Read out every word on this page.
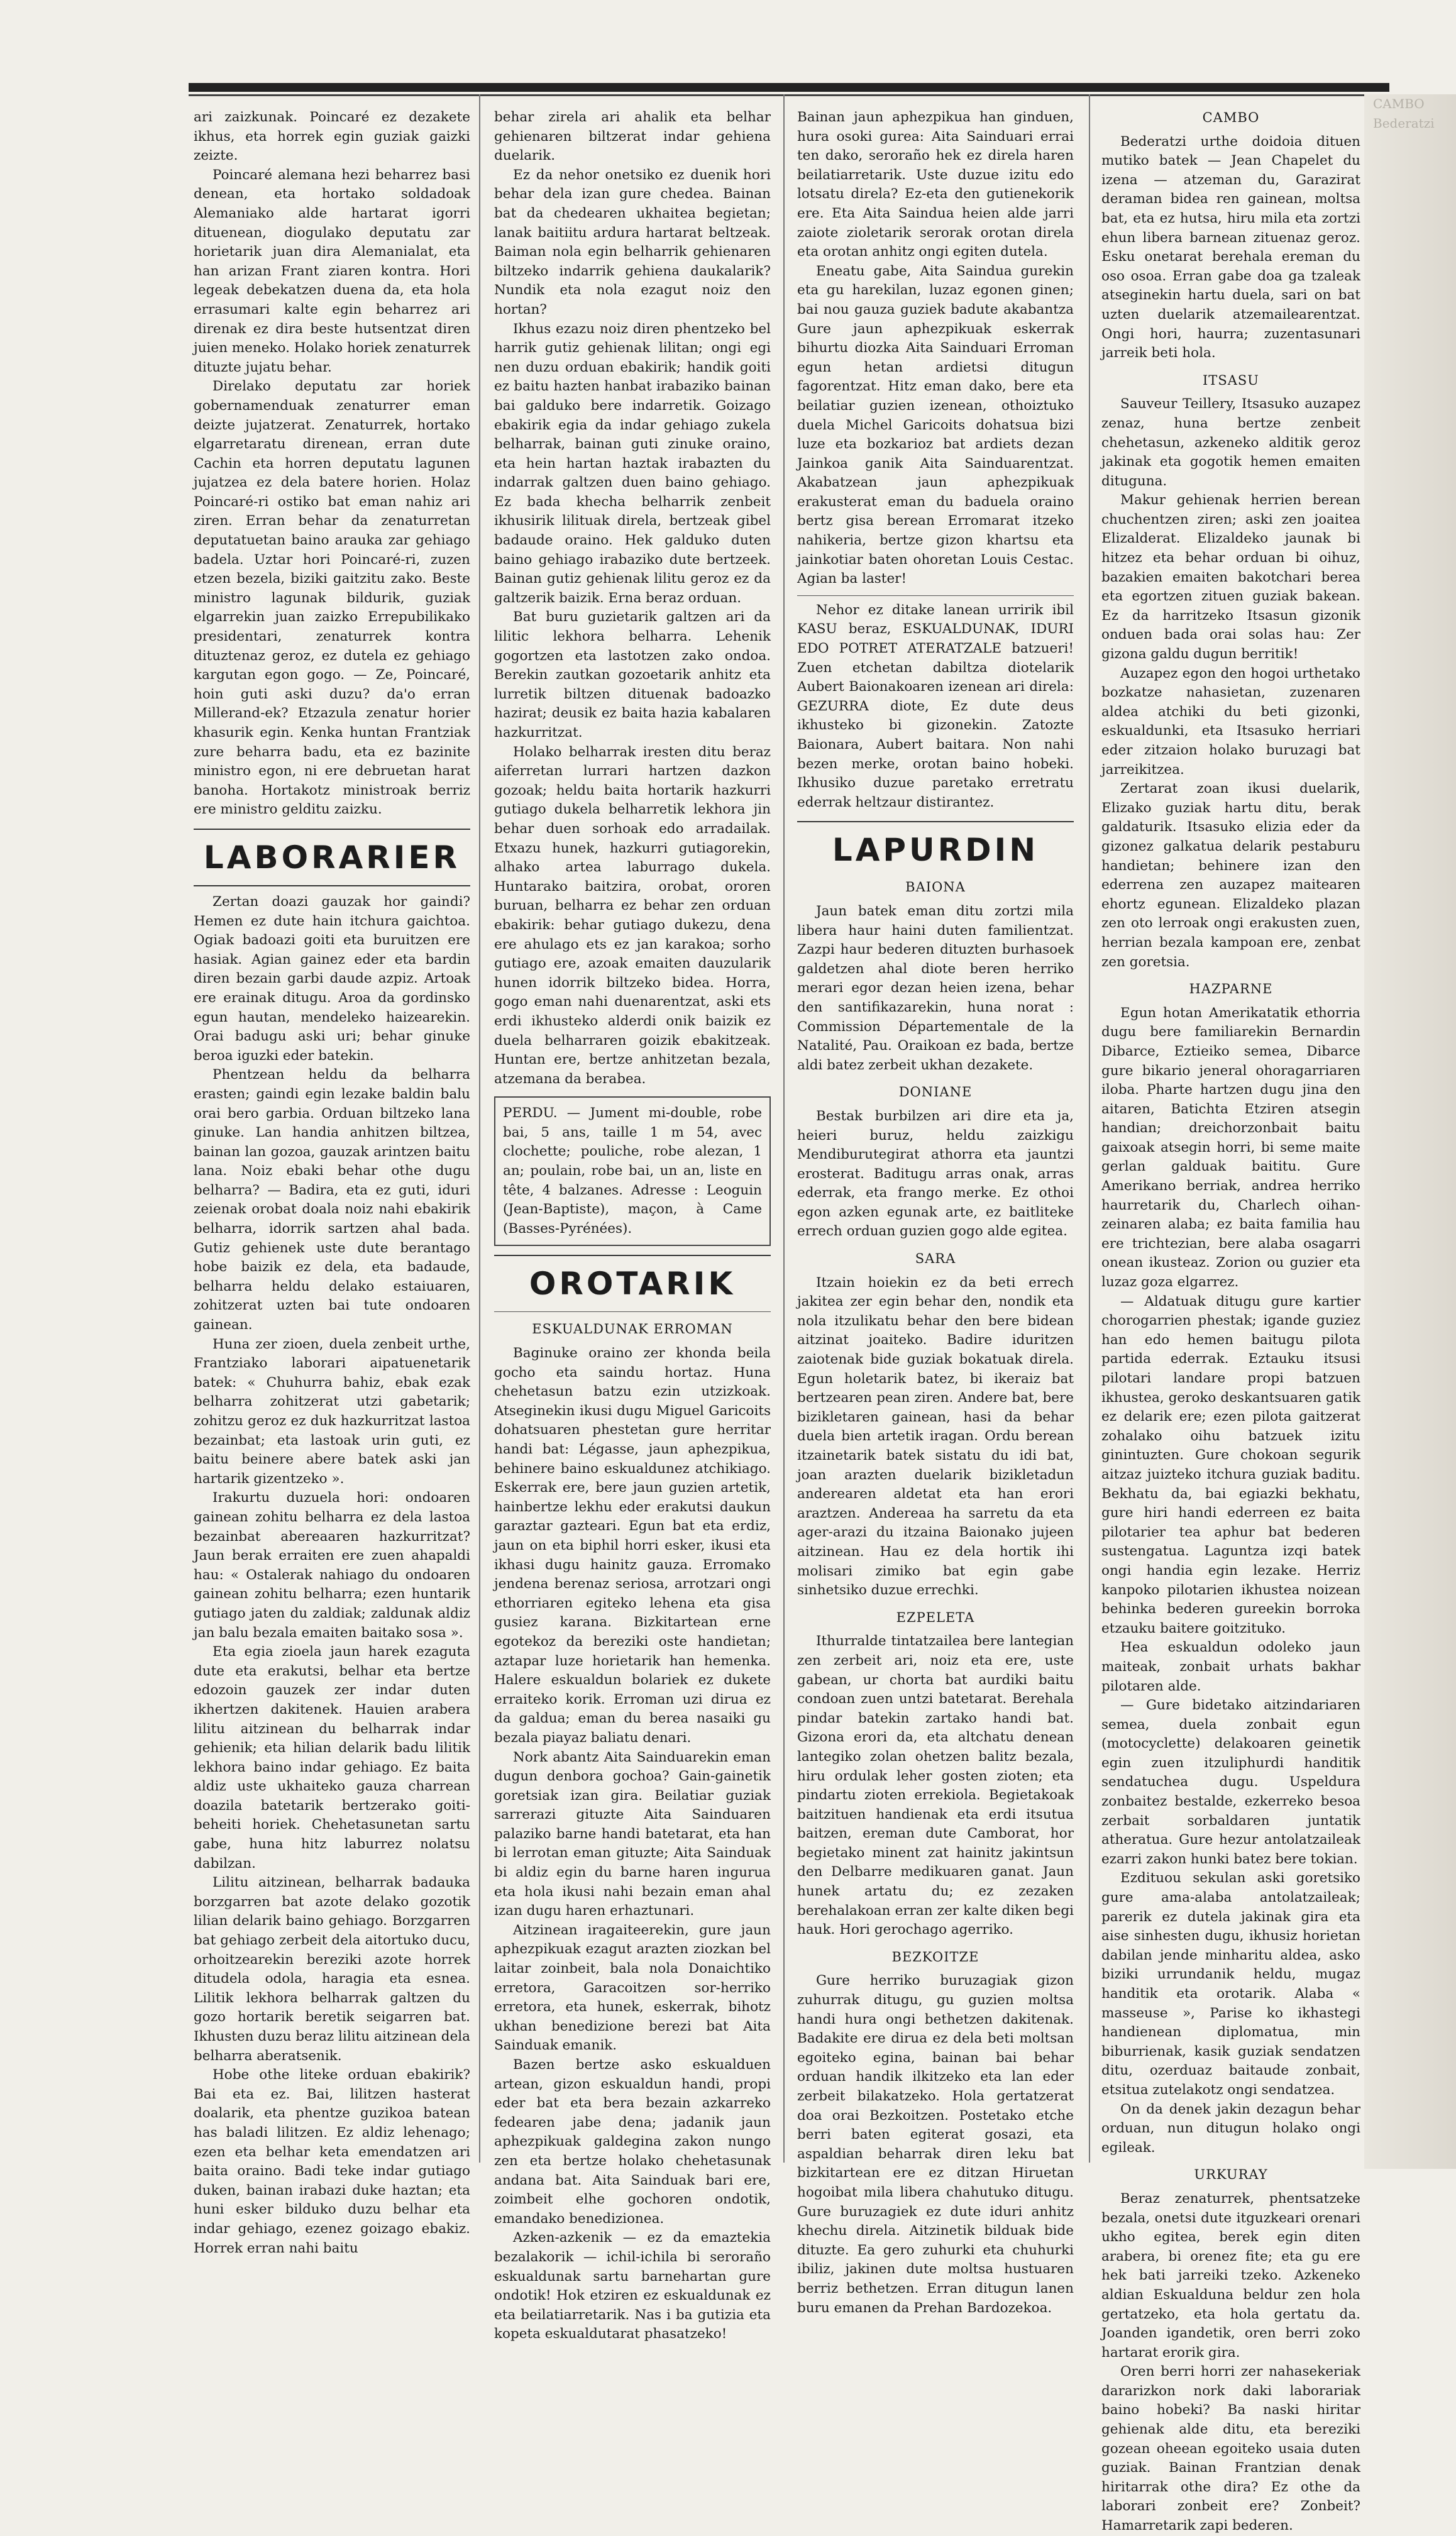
ari zaizkunak. Poincaré ez dezakete ikhus, eta horrek egin guziak gaizki zeizte.

Poincaré alemana hezi beharrez basi denean, eta hortako soldadoak Alemaniako alde hartarat igorri dituenean, diogulako deputatu zar horietarik juan dira Alemanialat, eta han arizan Frant ziaren kontra. Hori legeak debekatzen duena da, eta hola errasumari kalte egin beharrez ari direnak ez dira beste hutsentzat diren juien meneko. Holako horiek zenaturrek dituzte jujatu behar.

Direlako deputatu zar horiek gobernamenduak zenaturrer eman deizte jujatzerat. Zenaturrek, hortako elgarretaratu direnean, erran dute Cachin eta horren deputatu lagunen jujatzea ez dela batere horien. Holaz Poincaré-ri ostiko bat eman nahiz ari ziren. Erran behar da zenaturretan deputatuetan baino arauka zar gehiago badela. Uztar hori Poincaré-ri, zuzen etzen bezela, biziki gaitzitu zako. Beste ministro lagunak bildurik, guziak elgarrekin juan zaizko Errepubilikako presidentari, zenaturrek kontra dituztenaz geroz, ez dutela ez gehiago kargutan egon gogo. — Ze, Poincaré, hoin guti aski duzu? da'o erran Millerand-ek? Etzazula zenatur horier khasurik egin. Kenka huntan Frantziak zure beharra badu, eta ez bazinite ministro egon, ni ere debruetan harat banoha. Hortakotz ministroak berriz ere ministro gelditu zaizku.

LABORARIER

Zertan doazi gauzak hor gaindi? Hemen ez dute hain itchura gaichtoa. Ogiak badoazi goiti eta buruitzen ere hasiak. Agian gainez eder eta bardin diren bezain garbi daude azpiz. Artoak ere erainak ditugu. Aroa da gordinsko egun hautan, mendeleko haizearekin. Orai badugu aski uri; behar ginuke beroa iguzki eder batekin.

Phentzean heldu da belharra erasten; gaindi egin lezake baldin balu orai bero garbia. Orduan biltzeko lana ginuke. Lan handia anhitzen biltzea, bainan lan gozoa, gauzak arintzen baitu lana. Noiz ebaki behar othe dugu belharra? — Badira, eta ez guti, iduri zeienak orobat doala noiz nahi ebakirik belharra, idorrik sartzen ahal bada. Gutiz gehienek uste dute berantago hobe baizik ez dela, eta badaude, belharra heldu delako estaiuaren, zohitzerat uzten bai tute ondoaren gainean.

Huna zer zioen, duela zenbeit urthe, Frantziako laborari aipatuenetarik batek: « Chuhurra bahiz, ebak ezak belharra zohitzerat utzi gabetarik; zohitzu geroz ez duk hazkurritzat lastoa bezainbat; eta lastoak urin guti, ez baitu beinere abere batek aski jan hartarik gizentzeko ».

Irakurtu duzuela hori: ondoaren gainean zohitu belharra ez dela lastoa bezainbat abereaaren hazkurritzat? Jaun berak erraiten ere zuen ahapaldi hau: « Ostalerak nahiago du ondoaren gainean zohitu belharra; ezen huntarik gutiago jaten du zaldiak; zaldunak aldiz jan balu bezala emaiten baitako sosa ».

Eta egia zioela jaun harek ezaguta dute eta erakutsi, belhar eta bertze edozoin gauzek zer indar duten ikhertzen dakitenek. Hauien arabera lilitu aitzinean du belharrak indar gehienik; eta hilian delarik badu lilitik lekhora baino indar gehiago. Ez baita aldiz uste ukhaiteko gauza charrean doazila batetarik bertzerako goiti-beheiti horiek. Chehetasunetan sartu gabe, huna hitz laburrez nolatsu dabilzan.

Lilitu aitzinean, belharrak badauka borzgarren bat azote delako gozotik lilian delarik baino gehiago. Borzgarren bat gehiago zerbeit dela aitortuko ducu, orhoitzearekin bereziki azote horrek ditudela odola, haragia eta esnea. Lilitik lekhora belharrak galtzen du gozo hortarik beretik seigarren bat. Ikhusten duzu beraz lilitu aitzinean dela belharra aberatsenik.

Hobe othe liteke orduan ebakirik? Bai eta ez. Bai, lilitzen hasterat doalarik, eta phentze guzikoa batean has baladi lilitzen. Ez aldiz lehenago; ezen eta belhar keta emendatzen ari baita oraino. Badi teke indar gutiago duken, bainan irabazi duke haztan; eta huni esker bilduko duzu belhar eta indar gehiago, ezenez goizago ebakiz. Horrek erran nahi baitu

behar zirela ari ahalik eta belhar gehienaren biltzerat indar gehiena duelarik.

Ez da nehor onetsiko ez duenik hori behar dela izan gure chedea. Bainan bat da chedearen ukhaitea begietan; lanak baitiitu ardura hartarat beltzeak. Baiman nola egin belharrik gehienaren biltzeko indarrik gehiena daukalarik? Nundik eta nola ezagut noiz den hortan?

Ikhus ezazu noiz diren phentzeko bel harrik gutiz gehienak lilitan; ongi egi nen duzu orduan ebakirik; handik goiti ez baitu hazten hanbat irabaziko bainan bai galduko bere indarretik. Goizago ebakirik egia da indar gehiago zukela belharrak, bainan guti zinuke oraino, eta hein hartan haztak irabazten du indarrak galtzen duen baino gehiago. Ez bada khecha belharrik zenbeit ikhusirik lilituak direla, bertzeak gibel badaude oraino. Hek galduko duten baino gehiago irabaziko dute bertzeek. Bainan gutiz gehienak lilitu geroz ez da galtzerik baizik. Erna beraz orduan.

Bat buru guzietarik galtzen ari da lilitic lekhora belharra. Lehenik gogortzen eta lastotzen zako ondoa. Berekin zautkan gozoetarik anhitz eta lurretik biltzen dituenak badoazko hazirat; deusik ez baita hazia kabalaren hazkurritzat.

Holako belharrak iresten ditu beraz aiferretan lurrari hartzen dazkon gozoak; heldu baita hortarik hazkurri gutiago dukela belharretik lekhora jin behar duen sorhoak edo arradailak. Etxazu hunek, hazkurri gutiagorekin, alhako artea laburrago dukela. Huntarako baitzira, orobat, ororen buruan, belharra ez behar zen orduan ebakirik: behar gutiago dukezu, dena ere ahulago ets ez jan karakoa; sorho gutiago ere, azoak emaiten dauzularik hunen idorrik biltzeko bidea. Horra, gogo eman nahi duenarentzat, aski ets erdi ikhusteko alderdi onik baizik ez duela belharraren goizik ebakitzeak. Huntan ere, bertze anhitzetan bezala, atzemana da berabea.

PERDU. — Jument mi-double, robe bai, 5 ans, taille 1 m 54, avec clochette; pouliche, robe alezan, 1 an; poulain, robe bai, un an, liste en tête, 4 balzanes. Adresse : Leoguin (Jean-Baptiste), maçon, à Came (Basses-Pyrénées).

OROTARIK
ESKUALDUNAK ERROMAN

Baginuke oraino zer khonda beila gocho eta saindu hortaz. Huna chehetasun batzu ezin utzizkoak. Atseginekin ikusi dugu Miguel Garicoits dohatsuaren phestetan gure herritar handi bat: Légasse, jaun aphezpikua, behinere baino eskualdunez atchikiago. Eskerrak ere, bere jaun guzien artetik, hainbertze lekhu eder erakutsi daukun garaztar gazteari. Egun bat eta erdiz, jaun on eta biphil horri esker, ikusi eta ikhasi dugu hainitz gauza. Erromako jendena berenaz seriosa, arrotzari ongi ethorriaren egiteko lehena eta gisa gusiez karana. Bizkitartean erne egotekoz da bereziki oste handietan; aztapar luze horietarik han hemenka. Halere eskualdun bolariek ez dukete erraiteko korik. Erroman uzi dirua ez da galdua; eman du berea nasaiki gu bezala piayaz baliatu denari.

Nork abantz Aita Sainduarekin eman dugun denbora gochoa? Gain-gainetik goretsiak izan gira. Beilatiar guziak sarrerazi gituzte Aita Sainduaren palaziko barne handi batetarat, eta han bi lerrotan eman gituzte; Aita Sainduak bi aldiz egin du barne haren ingurua eta hola ikusi nahi bezain eman ahal izan dugu haren erhaztunari.

Aitzinean iragaiteerekin, gure jaun aphezpikuak ezagut arazten ziozkan bel laitar zoinbeit, bala nola Donaichtiko erretora, Garacoitzen sor-herriko erretora, eta hunek, eskerrak, bihotz ukhan benedizione berezi bat Aita Sainduak emanik.

Bazen bertze asko eskualduen artean, gizon eskualdun handi, propi eder bat eta bera bezain azkarreko fedearen jabe dena; jadanik jaun aphezpikuak galdegina zakon nungo zen eta bertze holako chehetasunak andana bat. Aita Sainduak bari ere, zoimbeit elhe gochoren ondotik, emandako benedizionea.

Azken-azkenik — ez da emaztekia bezalakorik — ichil-ichila bi seroraño eskualdunak sartu barnehartan gure ondotik! Hok etziren ez eskualdunak ez eta beilatiarretarik. Nas i ba gutizia eta kopeta eskualdutarat phasatzeko!

Bainan jaun aphezpikua han ginduen, hura osoki gurea: Aita Sainduari errai ten dako, seroraño hek ez direla haren beilatiarretarik. Uste duzue izitu edo lotsatu direla? Ez-eta den gutienekorik ere. Eta Aita Saindua heien alde jarri zaiote zioletarik serorak orotan direla eta orotan anhitz ongi egiten dutela.

Eneatu gabe, Aita Saindua gurekin eta gu harekilan, luzaz egonen ginen; bai nou gauza guziek badute akabantza Gure jaun aphezpikuak eskerrak bihurtu diozka Aita Sainduari Erroman egun hetan ardietsi ditugun fagorentzat. Hitz eman dako, bere eta beilatiar guzien izenean, othoiztuko duela Michel Garicoits dohatsua bizi luze eta bozkarioz bat ardiets dezan Jainkoa ganik Aita Sainduarentzat. Akabatzean jaun aphezpikuak erakusterat eman du baduela oraino bertz gisa berean Erromarat itzeko nahikeria, bertze gizon khartsu eta jainkotiar baten ohoretan Louis Cestac. Agian ba laster!

Nehor ez ditake lanean urririk ibil KASU beraz, ESKUALDUNAK, IDURI EDO POTRET ATERATZALE batzueri! Zuen etchetan dabiltza diotelarik Aubert Baionakoaren izenean ari direla: GEZURRA diote, Ez dute deus ikhusteko bi gizonekin. Zatozte Baionara, Aubert baitara. Non nahi bezen merke, orotan baino hobeki. Ikhusiko duzue paretako erretratu ederrak heltzaur distirantez.

LAPURDIN
BAIONA

Jaun batek eman ditu zortzi mila libera haur haini duten familientzat. Zazpi haur bederen dituzten burhasoek galdetzen ahal diote beren herriko merari egor dezan heien izena, behar den santifikazarekin, huna norat : Commission Départementale de la Natalité, Pau. Oraikoan ez bada, bertze aldi batez zerbeit ukhan dezakete.

DONIANE

Bestak burbilzen ari dire eta ja, heieri buruz, heldu zaizkigu Mendiburutegirat athorra eta jauntzi erosterat. Baditugu arras onak, arras ederrak, eta frango merke. Ez othoi egon azken egunak arte, ez baitliteke errech orduan guzien gogo alde egitea.

SARA

Itzain hoiekin ez da beti errech jakitea zer egin behar den, nondik eta nola itzulikatu behar den bere bidean aitzinat joaiteko. Badire iduritzen zaiotenak bide guziak bokatuak direla. Egun holetarik batez, bi ikeraiz bat bertzearen pean ziren. Andere bat, bere bizikletaren gainean, hasi da behar duela bien artetik iragan. Ordu berean itzainetarik batek sistatu du idi bat, joan arazten duelarik bizikletadun anderearen aldetat eta han erori araztzen. Andereaa ha sarretu da eta ager-arazi du itzaina Baionako jujeen aitzinean. Hau ez dela hortik ihi molisari zimiko bat egin gabe sinhetsiko duzue errechki.

EZPELETA

Ithurralde tintatzailea bere lantegian zen zerbeit ari, noiz eta ere, uste gabean, ur chorta bat aurdiki baitu condoan zuen untzi batetarat. Berehala pindar batekin zartako handi bat. Gizona erori da, eta altchatu denean lantegiko zolan ohetzen balitz bezala, hiru ordulak leher gosten zioten; eta pindartu zioten errekiola. Begietakoak baitzituen handienak eta erdi itsutua baitzen, ereman dute Camborat, hor begietako minent zat hainitz jakintsun den Delbarre medikuaren ganat. Jaun hunek artatu du; ez zezaken berehalakoan erran zer kalte diken begi hauk. Hori gerochago agerriko.

BEZKOITZE

Gure herriko buruzagiak gizon zuhurrak ditugu, gu guzien moltsa handi hura ongi bethetzen dakitenak. Badakite ere dirua ez dela beti moltsan egoiteko egina, bainan bai behar orduan handik ilkitzeko eta lan eder zerbeit bilakatzeko. Hola gertatzerat doa orai Bezkoitzen. Postetako etche berri baten egiterat gosazi, eta aspaldian beharrak diren leku bat bizkitartean ere ez ditzan Hiruetan hogoibat mila libera chahutuko ditugu. Gure buruzagiek ez dute iduri anhitz khechu direla. Aitzinetik bilduak bide dituzte. Ea gero zuhurki eta chuhurki ibiliz, jakinen dute moltsa hustuaren berriz bethetzen. Erran ditugun lanen buru emanen da Prehan Bardozekoa.

CAMBO

Bederatzi urthe doidoia dituen mutiko batek — Jean Chapelet du izena — atzeman du, Garazirat deraman bidea ren gainean, moltsa bat, eta ez hutsa, hiru mila eta zortzi ehun libera barnean zituenaz geroz. Esku onetarat berehala ereman du oso osoa. Erran gabe doa ga tzaleak atseginekin hartu duela, sari on bat uzten duelarik atzemailearentzat. Ongi hori, haurra; zuzentasunari jarreik beti hola.

ITSASU

Sauveur Teillery, Itsasuko auzapez zenaz, huna bertze zenbeit chehetasun, azkeneko alditik geroz jakinak eta gogotik hemen emaiten dituguna.

Makur gehienak herrien berean chuchentzen ziren; aski zen joaitea Elizalderat. Elizaldeko jaunak bi hitzez eta behar orduan bi oihuz, bazakien emaiten bakotchari berea eta egortzen zituen guziak bakean. Ez da harritzeko Itsasun gizonik onduen bada orai solas hau: Zer gizona galdu dugun berritik!

Auzapez egon den hogoi urthetako bozkatze nahasietan, zuzenaren aldea atchiki du beti gizonki, eskualdunki, eta Itsasuko herriari eder zitzaion holako buruzagi bat jarreikitzea.

Zertarat zoan ikusi duelarik, Elizako guziak hartu ditu, berak galdaturik. Itsasuko elizia eder da gizonez galkatua delarik pestaburu handietan; behinere izan den ederrena zen auzapez maitearen ehortz egunean. Elizaldeko plazan zen oto lerroak ongi erakusten zuen, herrian bezala kampoan ere, zenbat zen goretsia.

HAZPARNE

Egun hotan Amerikatatik ethorria dugu bere familiarekin Bernardin Dibarce, Eztieiko semea, Dibarce gure bikario jeneral ohoragarriaren iloba. Pharte hartzen dugu jina den aitaren, Batichta Etziren atsegin handian; dreichorzonbait baitu gaixoak atsegin horri, bi seme maite gerlan galduak baititu. Gure Amerikano berriak, andrea herriko haurretarik du, Charlech oihan-zeinaren alaba; ez baita familia hau ere trichtezian, bere alaba osagarri onean ikusteaz. Zorion ou guzier eta luzaz goza elgarrez.

— Aldatuak ditugu gure kartier chorogarrien phestak; igande guziez han edo hemen baitugu pilota partida ederrak. Eztauku itsusi pilotari landare propi batzuen ikhustea, geroko deskantsuaren gatik ez delarik ere; ezen pilota gaitzerat zohalako oihu batzuek izitu ginintuzten. Gure chokoan segurik aitzaz juizteko itchura guziak baditu. Bekhatu da, bai egiazki bekhatu, gure hiri handi ederreen ez baita pilotarier tea aphur bat bederen sustengatua. Laguntza izqi batek ongi handia egin lezake. Herriz kanpoko pilotarien ikhustea noizean behinka bederen gureekin borroka etzauku baitere goitzituko.

Hea eskualdun odoleko jaun maiteak, zonbait urhats bakhar pilotaren alde.

— Gure bidetako aitzindariaren semea, duela zonbait egun (motocyclette) delakoaren geinetik egin zuen itzuliphurdi handitik sendatuchea dugu. Uspeldura zonbaitez bestalde, ezkerreko besoa zerbait sorbaldaren juntatik atheratua. Gure hezur antolatzaileak ezarri zakon hunki batez bere tokian.

Ezdituou sekulan aski goretsiko gure ama-alaba antolatzaileak; parerik ez dutela jakinak gira eta aise sinhesten dugu, ikhusiz horietan dabilan jende minharitu aldea, asko biziki urrundanik heldu, mugaz handitik eta orotarik. Alaba « masseuse », Parise ko ikhastegi handienean diplomatua, min biburrienak, kasik guziak sendatzen ditu, ozerduaz baitaude zonbait, etsitua zutelakotz ongi sendatzea.

On da denek jakin dezagun behar orduan, nun ditugun holako ongi egileak.

URKURAY

Beraz zenaturrek, phentsatzeke bezala, onetsi dute itguzkeari orenari ukho egitea, berek egin diten arabera, bi orenez fite; eta gu ere hek bati jarreiki tzeko. Azkeneko aldian Eskualduna beldur zen hola gertatzeko, eta hola gertatu da. Joanden igandetik, oren berri zoko hartarat erorik gira.

Oren berri horri zer nahasekeriak dararizkon nork daki laborariak baino hobeki? Ba naski hiritar gehienak alde ditu, eta bereziki gozean oheean egoiteko usaia duten guziak. Bainan Frantzian denak hiritarrak othe dira? Ez othe da laborari zonbeit ere? Zonbeit? Hamarretarik zapi bederen.

CAMBO
Bederatzi
